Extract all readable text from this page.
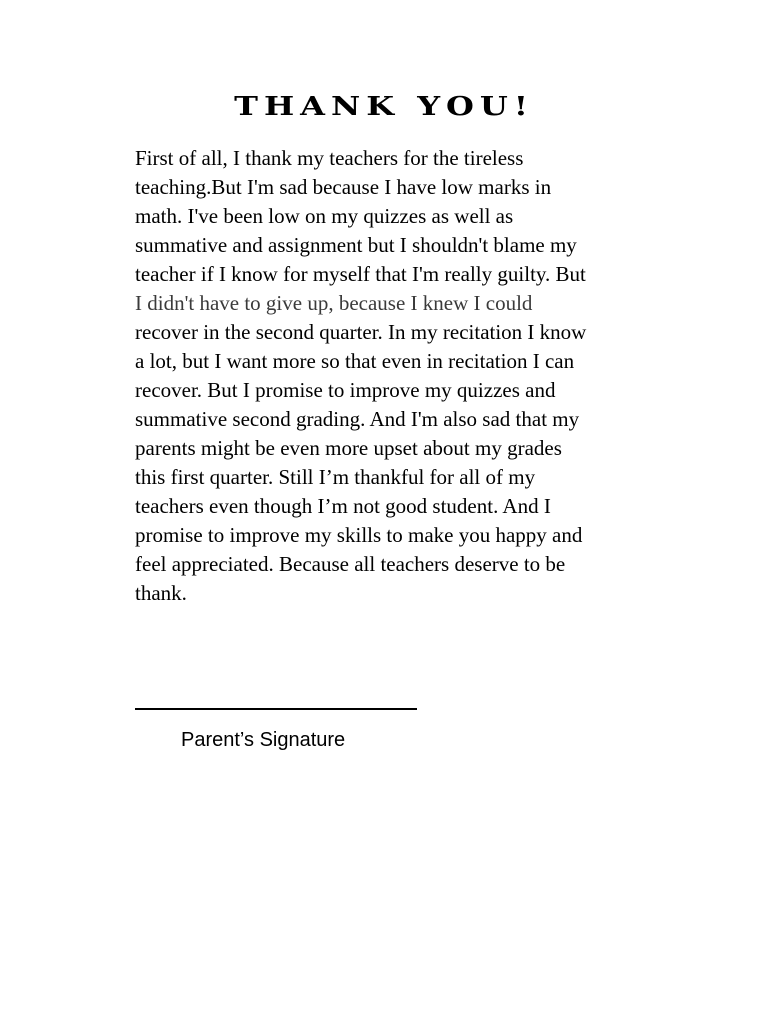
THANK YOU!

First of all, I thank my teachers for the tireless
teaching.But I'm sad because I have low marks in
math. I've been low on my quizzes as well as
summative and assignment but I shouldn't blame my
teacher if I know for myself that I'm really guilty. But
I didn't have to give up, because I knew I could
recover in the second quarter. In my recitation I know
a lot, but I want more so that even in recitation I can
recover. But I promise to improve my quizzes and
summative second grading. And I'm also sad that my
parents might be even more upset about my grades
this first quarter. Still I’m thankful for all of my
teachers even though I’m not good student. And I
promise to improve my skills to make you happy and
feel appreciated. Because all teachers deserve to be
thank.

Parent’s Signature
